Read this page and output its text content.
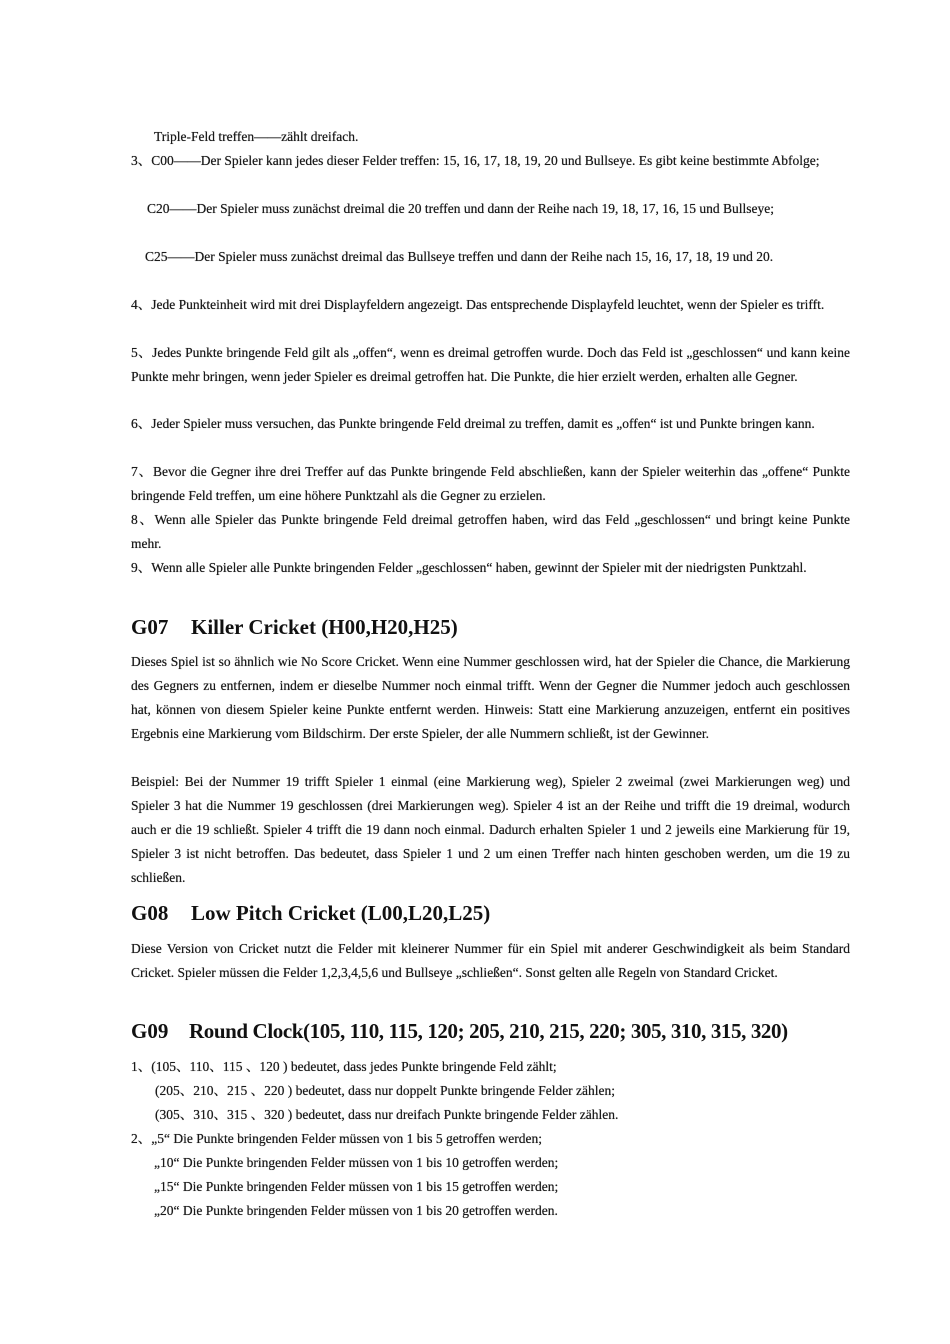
Triple-Feld treffen——zählt dreifach.
3、C00——Der Spieler kann jedes dieser Felder treffen: 15, 16, 17, 18, 19, 20 und Bullseye. Es gibt keine bestimmte Abfolge;
C20——Der Spieler muss zunächst dreimal die 20 treffen und dann der Reihe nach 19, 18, 17, 16, 15 und Bullseye;
C25——Der Spieler muss zunächst dreimal das Bullseye treffen und dann der Reihe nach 15, 16, 17, 18, 19 und 20.
4、Jede Punkteinheit wird mit drei Displayfeldern angezeigt. Das entsprechende Displayfeld leuchtet, wenn der Spieler es trifft.
5、Jedes Punkte bringende Feld gilt als „offen“, wenn es dreimal getroffen wurde. Doch das Feld ist „geschlossen“ und kann keine Punkte mehr bringen, wenn jeder Spieler es dreimal getroffen hat. Die Punkte, die hier erzielt werden, erhalten alle Gegner.
6、Jeder Spieler muss versuchen, das Punkte bringende Feld dreimal zu treffen, damit es „offen“ ist und Punkte bringen kann.
7、Bevor die Gegner ihre drei Treffer auf das Punkte bringende Feld abschließen, kann der Spieler weiterhin das „offene“ Punkte bringende Feld treffen, um eine höhere Punktzahl als die Gegner zu erzielen.
8、Wenn alle Spieler das Punkte bringende Feld dreimal getroffen haben, wird das Feld „geschlossen“ und bringt keine Punkte mehr.
9、Wenn alle Spieler alle Punkte bringenden Felder „geschlossen“ haben, gewinnt der Spieler mit der niedrigsten Punktzahl.
G07 Killer Cricket (H00,H20,H25)
Dieses Spiel ist so ähnlich wie No Score Cricket. Wenn eine Nummer geschlossen wird, hat der Spieler die Chance, die Markierung des Gegners zu entfernen, indem er dieselbe Nummer noch einmal trifft. Wenn der Gegner die Nummer jedoch auch geschlossen hat, können von diesem Spieler keine Punkte entfernt werden. Hinweis: Statt eine Markierung anzuzeigen, entfernt ein positives Ergebnis eine Markierung vom Bildschirm. Der erste Spieler, der alle Nummern schließt, ist der Gewinner.
Beispiel: Bei der Nummer 19 trifft Spieler 1 einmal (eine Markierung weg), Spieler 2 zweimal (zwei Markierungen weg) und Spieler 3 hat die Nummer 19 geschlossen (drei Markierungen weg). Spieler 4 ist an der Reihe und trifft die 19 dreimal, wodurch auch er die 19 schließt. Spieler 4 trifft die 19 dann noch einmal. Dadurch erhalten Spieler 1 und 2 jeweils eine Markierung für 19, Spieler 3 ist nicht betroffen. Das bedeutet, dass Spieler 1 und 2 um einen Treffer nach hinten geschoben werden, um die 19 zu schließen.
G08 Low Pitch Cricket (L00,L20,L25)
Diese Version von Cricket nutzt die Felder mit kleinerer Nummer für ein Spiel mit anderer Geschwindigkeit als beim Standard Cricket. Spieler müssen die Felder 1,2,3,4,5,6 und Bullseye „schließen“. Sonst gelten alle Regeln von Standard Cricket.
G09 Round Clock(105, 110, 115, 120; 205, 210, 215, 220; 305, 310, 315, 320)
1、(105、110、115 、120 ) bedeutet, dass jedes Punkte bringende Feld zählt;
(205、210、215 、220 ) bedeutet, dass nur doppelt Punkte bringende Felder zählen;
(305、310、315 、320 ) bedeutet, dass nur dreifach Punkte bringende Felder zählen.
2、„5“ Die Punkte bringenden Felder müssen von 1 bis 5 getroffen werden;
„10“ Die Punkte bringenden Felder müssen von 1 bis 10 getroffen werden;
„15“ Die Punkte bringenden Felder müssen von 1 bis 15 getroffen werden;
„20“ Die Punkte bringenden Felder müssen von 1 bis 20 getroffen werden.
